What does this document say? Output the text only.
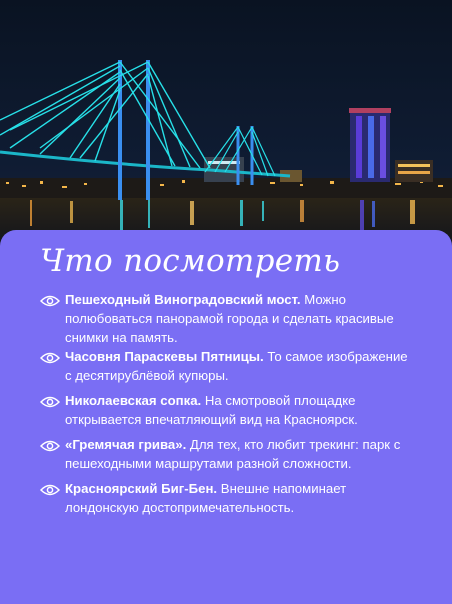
Что посмотреть

Пешеходный Виноградовский мост. Можно полюбоваться панорамой города и сделать красивые снимки на память.

Часовня Параскевы Пятницы. То самое изображение с десятирублёвой купюры.

Николаевская сопка. На смотровой площадке открывается впечатляющий вид на Красноярск.

«Гремячая грива». Для тех, кто любит трекинг: парк с пешеходными маршрутами разной сложности.

Красноярский Биг-Бен. Внешне напоминает лондонскую достопримечательность.
